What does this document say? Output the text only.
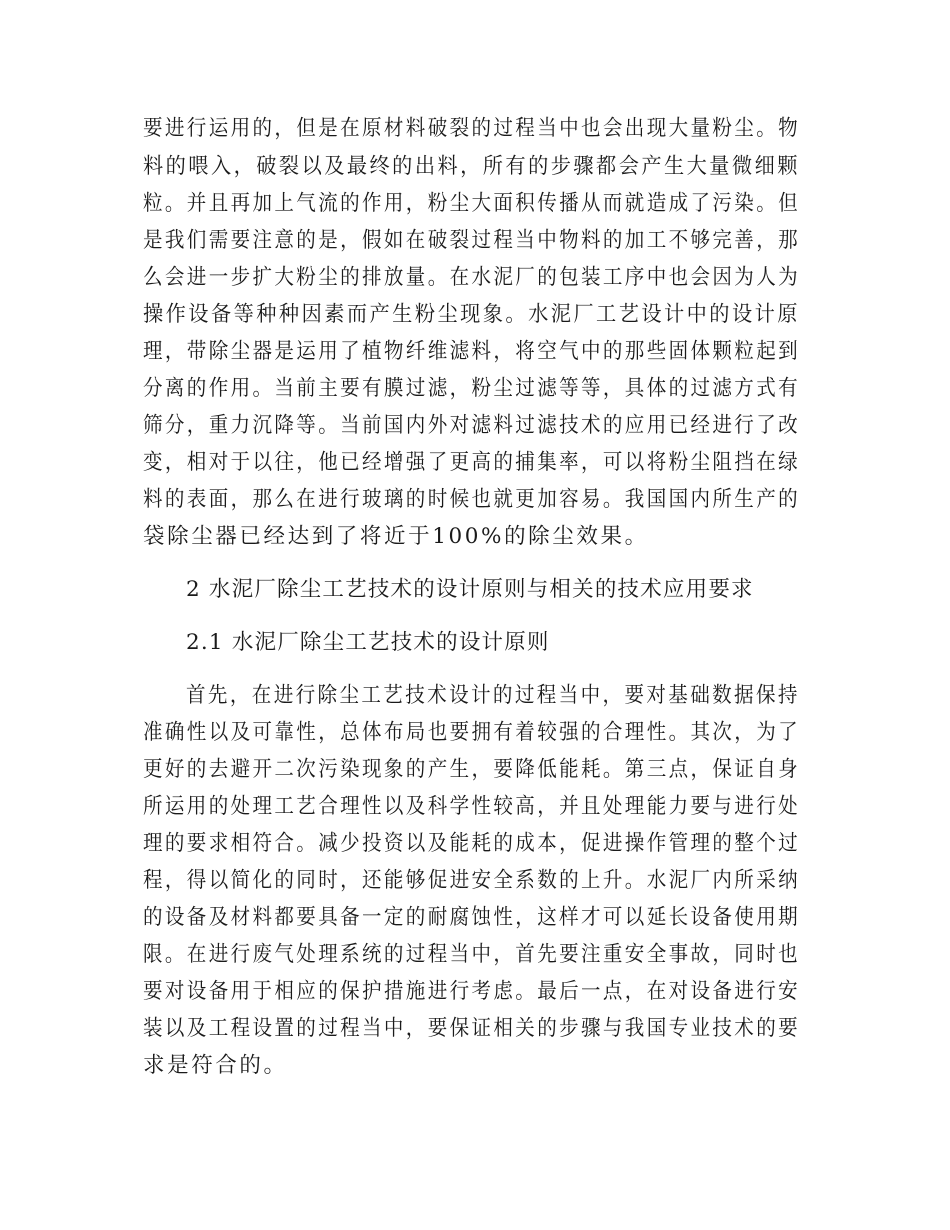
要进行运用的，但是在原材料破裂的过程当中也会出现大量粉尘。物
料的喂入，破裂以及最终的出料，所有的步骤都会产生大量微细颗
粒。并且再加上气流的作用，粉尘大面积传播从而就造成了污染。但
是我们需要注意的是，假如在破裂过程当中物料的加工不够完善，那
么会进一步扩大粉尘的排放量。在水泥厂的包装工序中也会因为人为
操作设备等种种因素而产生粉尘现象。水泥厂工艺设计中的设计原
理，带除尘器是运用了植物纤维滤料，将空气中的那些固体颗粒起到
分离的作用。当前主要有膜过滤，粉尘过滤等等，具体的过滤方式有
筛分，重力沉降等。当前国内外对滤料过滤技术的应用已经进行了改
变，相对于以往，他已经增强了更高的捕集率，可以将粉尘阻挡在绿
料的表面，那么在进行玻璃的时候也就更加容易。我国国内所生产的
袋除尘器已经达到了将近于100%的除尘效果。
2 水泥厂除尘工艺技术的设计原则与相关的技术应用要求
2.1 水泥厂除尘工艺技术的设计原则
首先，在进行除尘工艺技术设计的过程当中，要对基础数据保持
准确性以及可靠性，总体布局也要拥有着较强的合理性。其次，为了
更好的去避开二次污染现象的产生，要降低能耗。第三点，保证自身
所运用的处理工艺合理性以及科学性较高，并且处理能力要与进行处
理的要求相符合。减少投资以及能耗的成本，促进操作管理的整个过
程，得以简化的同时，还能够促进安全系数的上升。水泥厂内所采纳
的设备及材料都要具备一定的耐腐蚀性，这样才可以延长设备使用期
限。在进行废气处理系统的过程当中，首先要注重安全事故，同时也
要对设备用于相应的保护措施进行考虑。最后一点，在对设备进行安
装以及工程设置的过程当中，要保证相关的步骤与我国专业技术的要
求是符合的。
